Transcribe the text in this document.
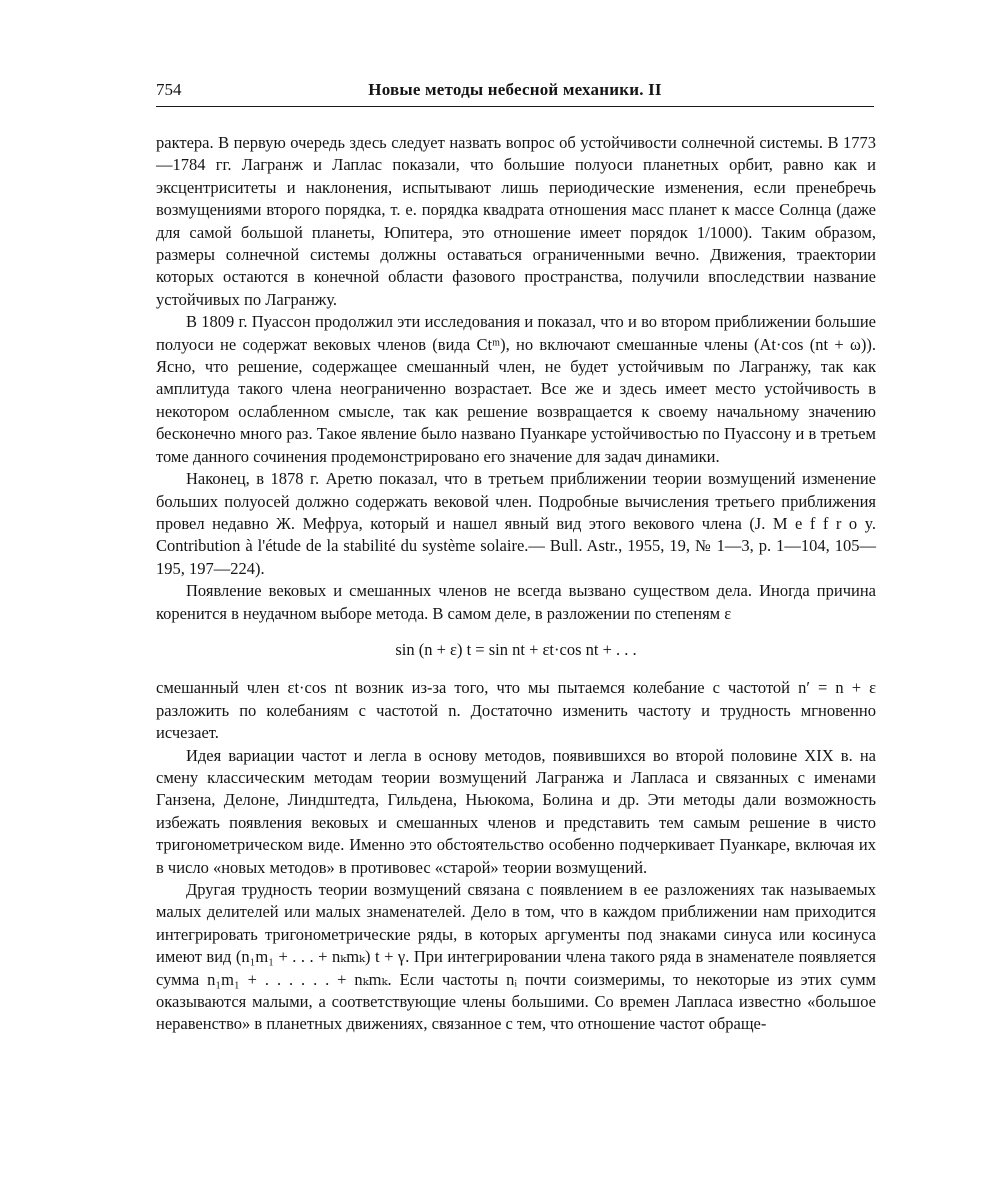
754	Новые методы небесной механики. II

рактера. В первую очередь здесь следует назвать вопрос об устойчивости солнечной системы. В 1773—1784 гг. Лагранж и Лаплас показали, что большие полуоси планетных орбит, равно как и эксцентриситеты и наклонения, испытывают лишь периодические изменения, если пренебречь возмущениями второго порядка, т. е. порядка квадрата отношения масс планет к массе Солнца (даже для самой большой планеты, Юпитера, это отношение имеет порядок 1/1000). Таким образом, размеры солнечной системы должны оставаться ограниченными вечно. Движения, траектории которых остаются в конечной области фазового пространства, получили впоследствии название устойчивых по Лагранжу.

В 1809 г. Пуассон продолжил эти исследования и показал, что и во втором приближении большие полуоси не содержат вековых членов (вида Ctᵐ), но включают смешанные члены (At·cos (nt + ω)). Ясно, что решение, содержащее смешанный член, не будет устойчивым по Лагранжу, так как амплитуда такого члена неограниченно возрастает. Все же и здесь имеет место устойчивость в некотором ослабленном смысле, так как решение возвращается к своему начальному значению бесконечно много раз. Такое явление было названо Пуанкаре устойчивостью по Пуассону и в третьем томе данного сочинения продемонстрировано его значение для задач динамики.

Наконец, в 1878 г. Аретю показал, что в третьем приближении теории возмущений изменение больших полуосей должно содержать вековой член. Подробные вычисления третьего приближения провел недавно Ж. Мефруа, который и нашел явный вид этого векового члена (J. M e f f r o y. Contribution à l'étude de la stabilité du système solaire.— Bull. Astr., 1955, 19, № 1—3, p. 1—104, 105—195, 197—224).

Появление вековых и смешанных членов не всегда вызвано существом дела. Иногда причина коренится в неудачном выборе метода. В самом деле, в разложении по степеням ε

sin (n + ε) t = sin nt + εt·cos nt + . . .

смешанный член εt·cos nt возник из-за того, что мы пытаемся колебание с частотой n′ = n + ε разложить по колебаниям с частотой n. Достаточно изменить частоту и трудность мгновенно исчезает.

Идея вариации частот и легла в основу методов, появившихся во второй половине XIX в. на смену классическим методам теории возмущений Лагранжа и Лапласа и связанных с именами Ганзена, Делоне, Линдштедта, Гильдена, Ньюкома, Болина и др. Эти методы дали возможность избежать появления вековых и смешанных членов и представить тем самым решение в чисто тригонометрическом виде. Именно это обстоятельство особенно подчеркивает Пуанкаре, включая их в число «новых методов» в противовес «старой» теории возмущений.

Другая трудность теории возмущений связана с появлением в ее разложениях так называемых малых делителей или малых знаменателей. Дело в том, что в каждом приближении нам приходится интегрировать тригонометрические ряды, в которых аргументы под знаками синуса или косинуса имеют вид (n₁m₁ + . . . + nₖmₖ) t + γ. При интегрировании члена такого ряда в знаменателе появляется сумма n₁m₁ + . . . . . . + nₖmₖ. Если частоты nᵢ почти соизмеримы, то некоторые из этих сумм оказываются малыми, а соответствующие члены большими. Со времен Лапласа известно «большое неравенство» в планетных движениях, связанное с тем, что отношение частот обраще-
